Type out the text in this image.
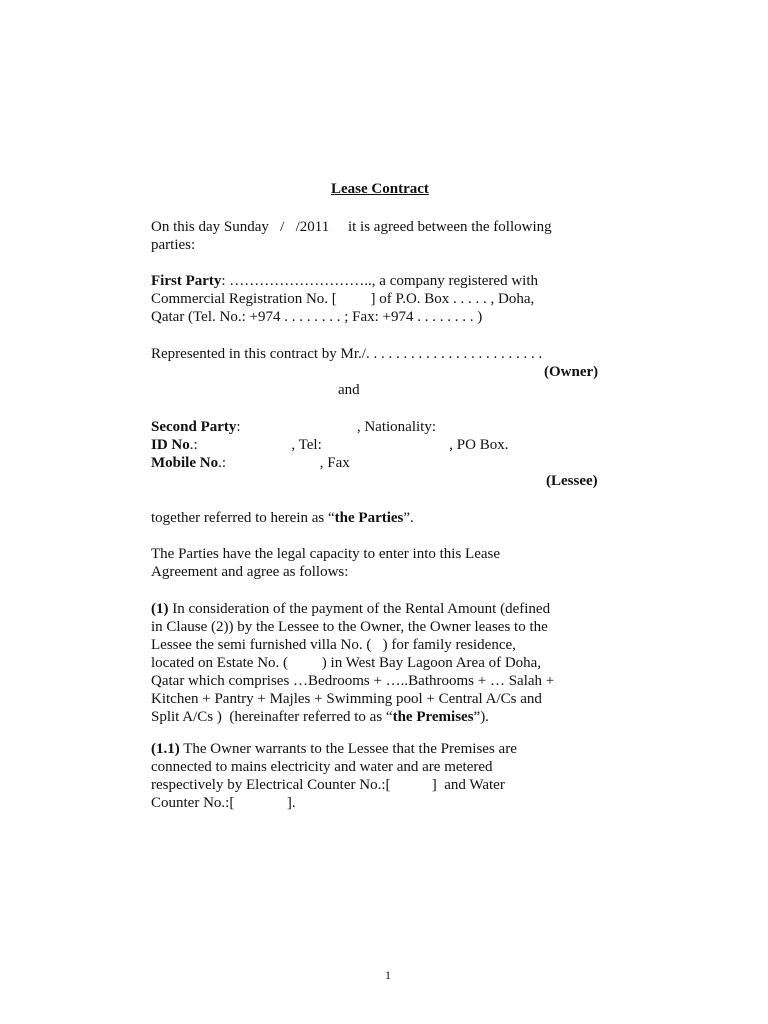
Lease Contract
On this day Sunday   /   /2011     it is agreed between the following
parties:
First Party: ……………………….., a company registered with
Commercial Registration No. [         ] of P.O. Box . . . . . , Doha,
Qatar (Tel. No.: +974 . . . . . . . . ; Fax: +974 . . . . . . . . )
Represented in this contract by Mr./. . . . . . . . . . . . . . . . . . . . . . . .
(Owner)
and
Second Party:                               , Nationality:
ID No.:                         , Tel:                                  , PO Box.
Mobile No.:                         , Fax
(Lessee)
together referred to herein as “the Parties”.
The Parties have the legal capacity to enter into this Lease
Agreement and agree as follows:
(1) In consideration of the payment of the Rental Amount (defined
in Clause (2)) by the Lessee to the Owner, the Owner leases to the
Lessee the semi furnished villa No. (   ) for family residence,
located on Estate No. (         ) in West Bay Lagoon Area of Doha,
Qatar which comprises …Bedrooms + …..Bathrooms + … Salah +
Kitchen + Pantry + Majles + Swimming pool + Central A/Cs and
Split A/Cs )  (hereinafter referred to as “the Premises”).
(1.1) The Owner warrants to the Lessee that the Premises are
connected to mains electricity and water and are metered
respectively by Electrical Counter No.:[           ]  and Water
Counter No.:[              ].
1
